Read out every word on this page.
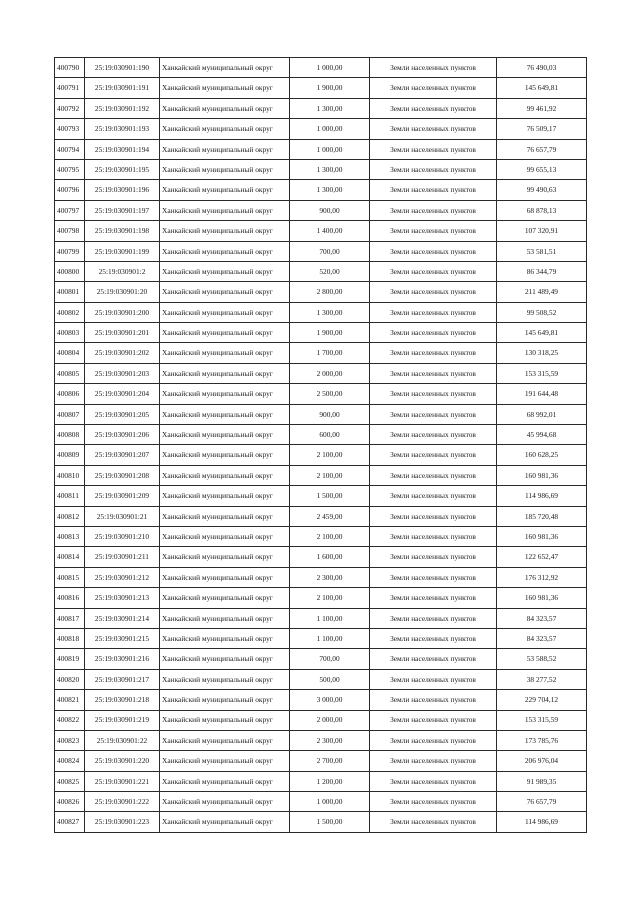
400790	25:19:030901:190	Ханкайский муниципальный округ	1 000,00	Земли населенных пунктов	76 490,03
400791	25:19:030901:191	Ханкайский муниципальный округ	1 900,00	Земли населенных пунктов	145 649,81
400792	25:19:030901:192	Ханкайский муниципальный округ	1 300,00	Земли населенных пунктов	99 461,92
400793	25:19:030901:193	Ханкайский муниципальный округ	1 000,00	Земли населенных пунктов	76 509,17
400794	25:19:030901:194	Ханкайский муниципальный округ	1 000,00	Земли населенных пунктов	76 657,79
400795	25:19:030901:195	Ханкайский муниципальный округ	1 300,00	Земли населенных пунктов	99 655,13
400796	25:19:030901:196	Ханкайский муниципальный округ	1 300,00	Земли населенных пунктов	99 490,63
400797	25:19:030901:197	Ханкайский муниципальный округ	900,00	Земли населенных пунктов	68 878,13
400798	25:19:030901:198	Ханкайский муниципальный округ	1 400,00	Земли населенных пунктов	107 320,91
400799	25:19:030901:199	Ханкайский муниципальный округ	700,00	Земли населенных пунктов	53 581,51
400800	25:19:030901:2	Ханкайский муниципальный округ	520,00	Земли населенных пунктов	86 344,79
400801	25:19:030901:20	Ханкайский муниципальный округ	2 800,00	Земли населенных пунктов	211 489,49
400802	25:19:030901:200	Ханкайский муниципальный округ	1 300,00	Земли населенных пунктов	99 508,52
400803	25:19:030901:201	Ханкайский муниципальный округ	1 900,00	Земли населенных пунктов	145 649,81
400804	25:19:030901:202	Ханкайский муниципальный округ	1 700,00	Земли населенных пунктов	130 318,25
400805	25:19:030901:203	Ханкайский муниципальный округ	2 000,00	Земли населенных пунктов	153 315,59
400806	25:19:030901:204	Ханкайский муниципальный округ	2 500,00	Земли населенных пунктов	191 644,48
400807	25:19:030901:205	Ханкайский муниципальный округ	900,00	Земли населенных пунктов	68 992,01
400808	25:19:030901:206	Ханкайский муниципальный округ	600,00	Земли населенных пунктов	45 994,68
400809	25:19:030901:207	Ханкайский муниципальный округ	2 100,00	Земли населенных пунктов	160 628,25
400810	25:19:030901:208	Ханкайский муниципальный округ	2 100,00	Земли населенных пунктов	160 981,36
400811	25:19:030901:209	Ханкайский муниципальный округ	1 500,00	Земли населенных пунктов	114 986,69
400812	25:19:030901:21	Ханкайский муниципальный округ	2 459,00	Земли населенных пунктов	185 720,48
400813	25:19:030901:210	Ханкайский муниципальный округ	2 100,00	Земли населенных пунктов	160 981,36
400814	25:19:030901:211	Ханкайский муниципальный округ	1 600,00	Земли населенных пунктов	122 652,47
400815	25:19:030901:212	Ханкайский муниципальный округ	2 300,00	Земли населенных пунктов	176 312,92
400816	25:19:030901:213	Ханкайский муниципальный округ	2 100,00	Земли населенных пунктов	160 981,36
400817	25:19:030901:214	Ханкайский муниципальный округ	1 100,00	Земли населенных пунктов	84 323,57
400818	25:19:030901:215	Ханкайский муниципальный округ	1 100,00	Земли населенных пунктов	84 323,57
400819	25:19:030901:216	Ханкайский муниципальный округ	700,00	Земли населенных пунктов	53 588,52
400820	25:19:030901:217	Ханкайский муниципальный округ	500,00	Земли населенных пунктов	38 277,52
400821	25:19:030901:218	Ханкайский муниципальный округ	3 000,00	Земли населенных пунктов	229 704,12
400822	25:19:030901:219	Ханкайский муниципальный округ	2 000,00	Земли населенных пунктов	153 315,59
400823	25:19:030901:22	Ханкайский муниципальный округ	2 300,00	Земли населенных пунктов	173 785,76
400824	25:19:030901:220	Ханкайский муниципальный округ	2 700,00	Земли населенных пунктов	206 976,04
400825	25:19:030901:221	Ханкайский муниципальный округ	1 200,00	Земли населенных пунктов	91 989,35
400826	25:19:030901:222	Ханкайский муниципальный округ	1 000,00	Земли населенных пунктов	76 657,79
400827	25:19:030901:223	Ханкайский муниципальный округ	1 500,00	Земли населенных пунктов	114 986,69
